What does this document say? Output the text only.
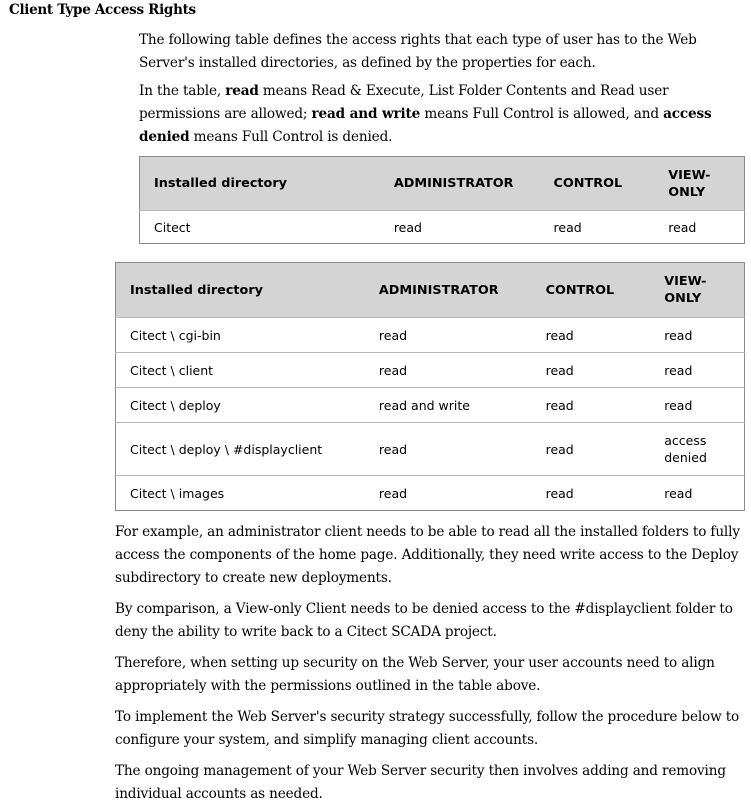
Client Type Access Rights

The following table defines the access rights that each type of user has to the Web Server's installed directories, as defined by the properties for each.

In the table, read means Read & Execute, List Folder Contents and Read user permissions are allowed; read and write means Full Control is allowed, and access denied means Full Control is denied.

Installed directory	ADMINISTRATOR	CONTROL	VIEW-
ONLY
Citect	read	read	read
Installed directory	ADMINISTRATOR	CONTROL	VIEW-
ONLY
Citect \ cgi-bin	read	read	read
Citect \ client	read	read	read
Citect \ deploy	read and write	read	read
Citect \ deploy \ #displayclient	read	read	access
denied
Citect \ images	read	read	read

For example, an administrator client needs to be able to read all the installed folders to fully access the components of the home page. Additionally, they need write access to the Deploy subdirectory to create new deployments.

By comparison, a View-only Client needs to be denied access to the #displayclient folder to deny the ability to write back to a Citect SCADA project.

Therefore, when setting up security on the Web Server, your user accounts need to align appropriately with the permissions outlined in the table above.

To implement the Web Server's security strategy successfully, follow the procedure below to configure your system, and simplify managing client accounts.

The ongoing management of your Web Server security then involves adding and removing individual accounts as needed.
